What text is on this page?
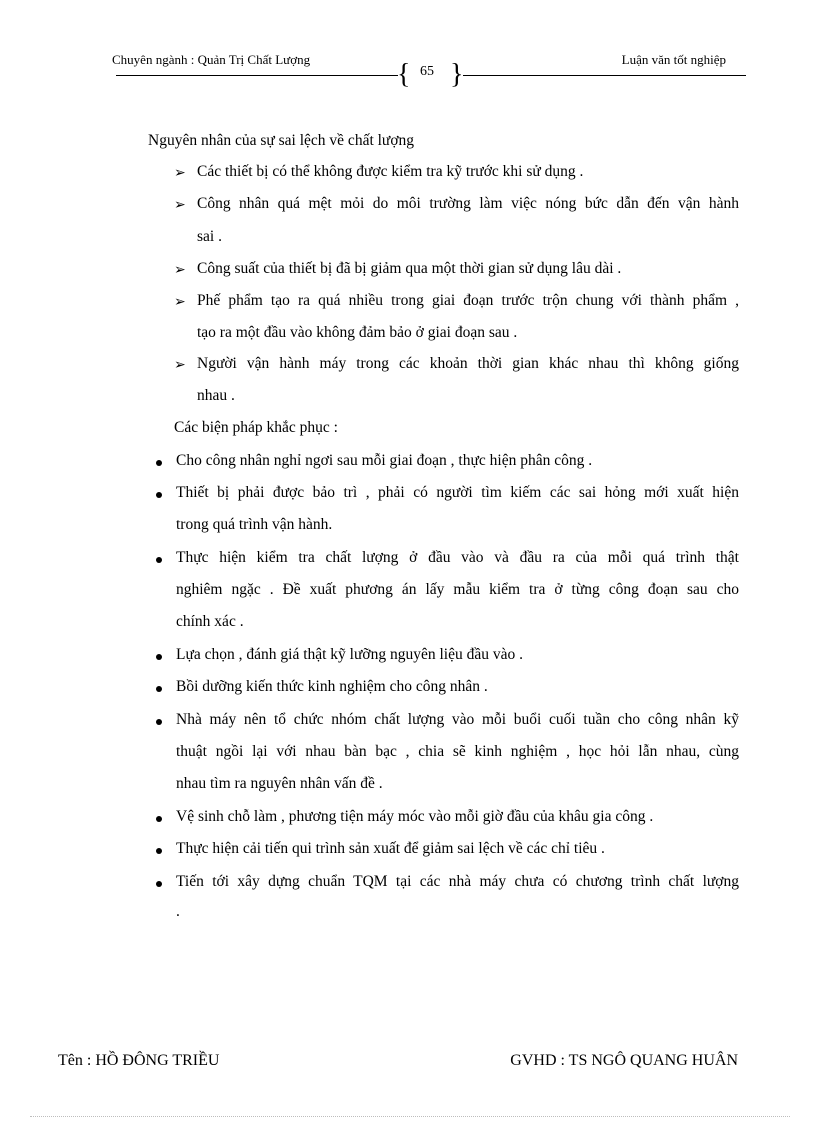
Chuyên ngành : Quản Trị Chất Lượng	Luận văn tốt nghiệp
{ }
65
Nguyên nhân của sự sai lệch về chất lượng
➢ Các thiết bị có thể không được kiểm tra kỹ trước khi sử dụng .
➢ Công nhân quá mệt mỏi do môi trường làm việc nóng bức dẫn đến vận hành
sai .
➢ Công suất của thiết bị đã bị giảm qua một thời gian sử dụng lâu dài .
➢ Phế phẩm tạo ra quá nhiều trong giai đoạn trước trộn chung với thành phẩm ,
tạo ra một đầu vào không đảm bảo ở giai đoạn sau .
➢ Người vận hành máy trong các khoản thời gian khác nhau thì không giống
nhau .
Các biện pháp khắc phục :
Cho công nhân nghỉ ngơi sau mỗi giai đoạn , thực hiện phân công .
Thiết bị phải được bảo trì , phải có người tìm kiếm các sai hỏng mới xuất hiện
trong quá trình vận hành.
Thực hiện kiểm tra chất lượng ở đầu vào và đầu ra của mỗi quá trình thật
nghiêm ngặc . Đề xuất phương án lấy mẫu kiểm tra ở từng công đoạn sau cho
chính xác .
Lựa chọn , đánh giá thật kỹ lưỡng nguyên liệu đầu vào .
Bồi dưỡng kiến thức kinh nghiệm cho công nhân .
Nhà máy nên tổ chức nhóm chất lượng vào mỗi buổi cuối tuần cho công nhân kỹ
thuật ngồi lại với nhau bàn bạc , chia sẽ kinh nghiệm , học hỏi lẫn nhau, cùng
nhau tìm ra nguyên nhân vấn đề .
Vệ sinh chỗ làm , phương tiện máy móc vào mỗi giờ đầu của khâu gia công .
Thực hiện cải tiến qui trình sản xuất để giảm sai lệch về các chỉ tiêu .
Tiến tới xây dựng chuẩn TQM tại các nhà máy chưa có chương trình chất lượng
.
Tên : HỒ ĐÔNG TRIỀU	GVHD : TS NGÔ QUANG HUÂN
